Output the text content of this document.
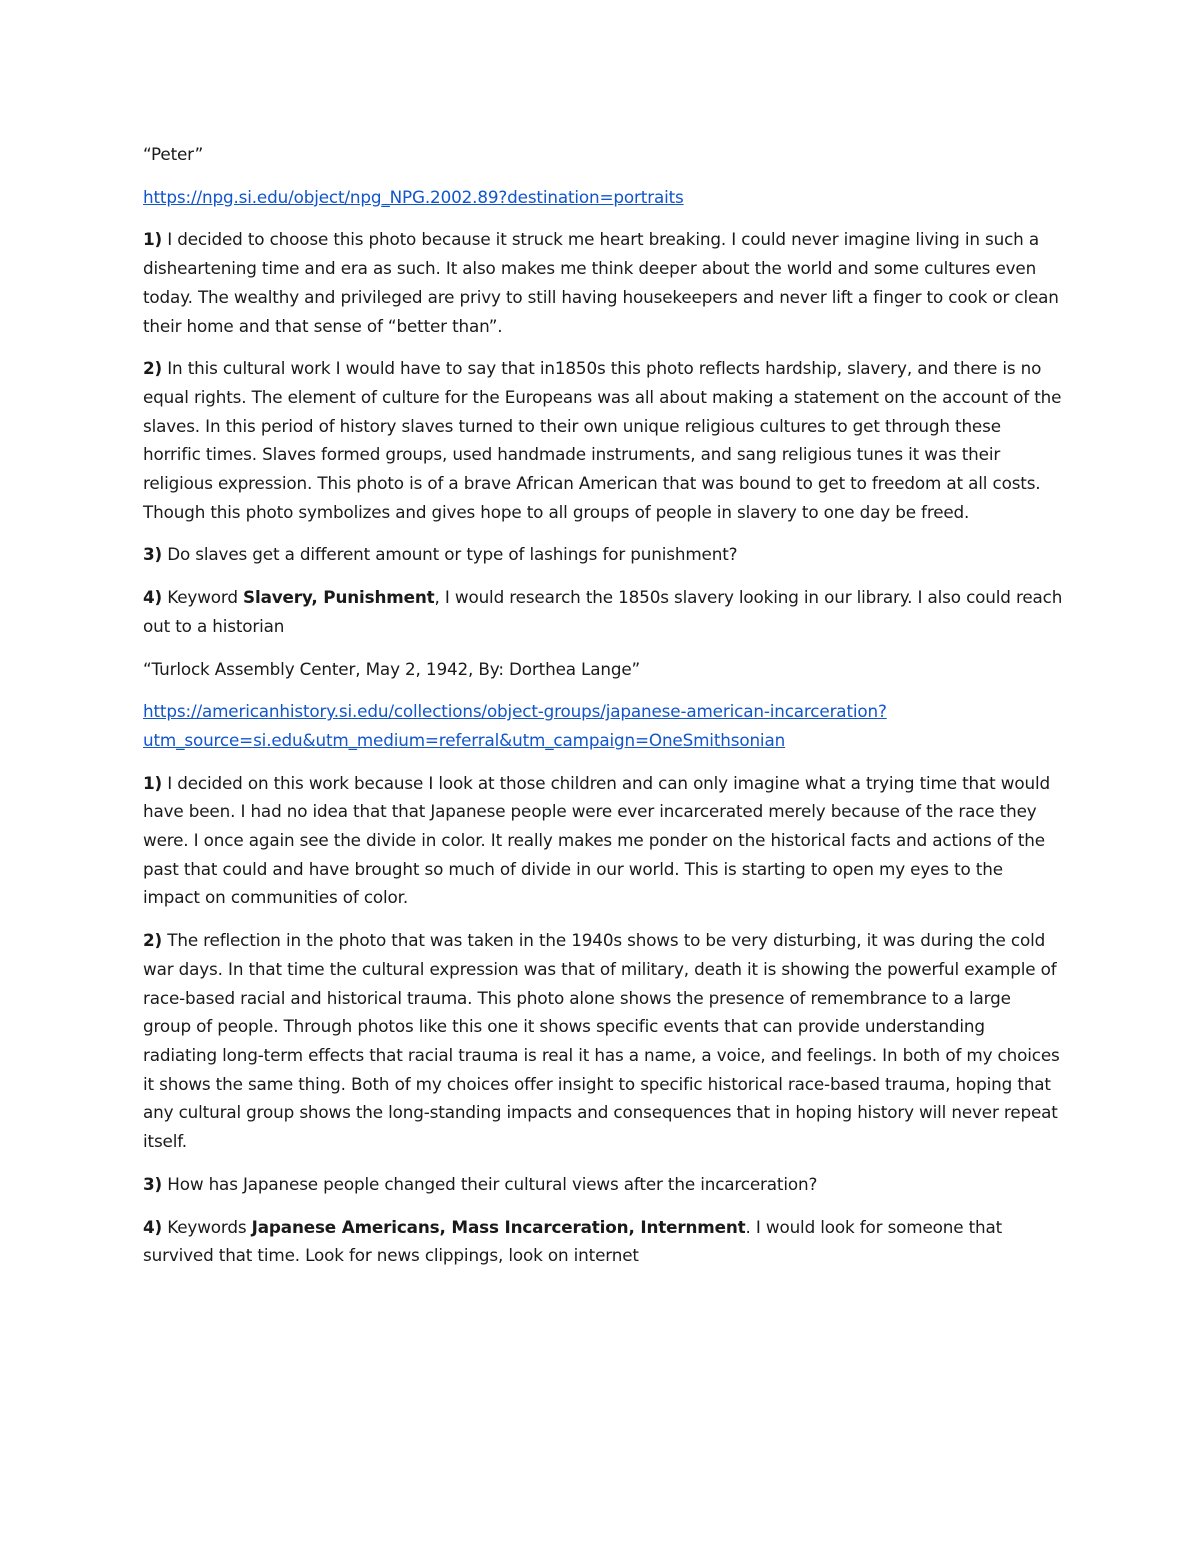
“Peter”

https://npg.si.edu/object/npg_NPG.2002.89?destination=portraits

1) I decided to choose this photo because it struck me heart breaking. I could never imagine living in such a disheartening time and era as such. It also makes me think deeper about the world and some cultures even today. The wealthy and privileged are privy to still having housekeepers and never lift a finger to cook or clean their home and that sense of “better than”.

2) In this cultural work I would have to say that in1850s this photo reflects hardship, slavery, and there is no equal rights. The element of culture for the Europeans was all about making a statement on the account of the slaves. In this period of history slaves turned to their own unique religious cultures to get through these horrific times. Slaves formed groups, used handmade instruments, and sang religious tunes it was their religious expression. This photo is of a brave African American that was bound to get to freedom at all costs. Though this photo symbolizes and gives hope to all groups of people in slavery to one day be freed.

3) Do slaves get a different amount or type of lashings for punishment?

4) Keyword Slavery, Punishment, I would research the 1850s slavery looking in our library. I also could reach out to a historian

“Turlock Assembly Center, May 2, 1942, By: Dorthea Lange”

https://americanhistory.si.edu/collections/object-groups/japanese-american-incarceration?
utm_source=si.edu&utm_medium=referral&utm_campaign=OneSmithsonian

1) I decided on this work because I look at those children and can only imagine what a trying time that would have been. I had no idea that that Japanese people were ever incarcerated merely because of the race they were. I once again see the divide in color. It really makes me ponder on the historical facts and actions of the past that could and have brought so much of divide in our world. This is starting to open my eyes to the impact on communities of color.

2) The reflection in the photo that was taken in the 1940s shows to be very disturbing, it was during the cold war days. In that time the cultural expression was that of military, death it is showing the powerful example of race-based racial and historical trauma. This photo alone shows the presence of remembrance to a large group of people. Through photos like this one it shows specific events that can provide understanding radiating long-term effects that racial trauma is real it has a name, a voice, and feelings. In both of my choices it shows the same thing. Both of my choices offer insight to specific historical race-based trauma, hoping that any cultural group shows the long-standing impacts and consequences that in hoping history will never repeat itself.

3) How has Japanese people changed their cultural views after the incarceration?

4) Keywords Japanese Americans, Mass Incarceration, Internment. I would look for someone that survived that time. Look for news clippings, look on internet
